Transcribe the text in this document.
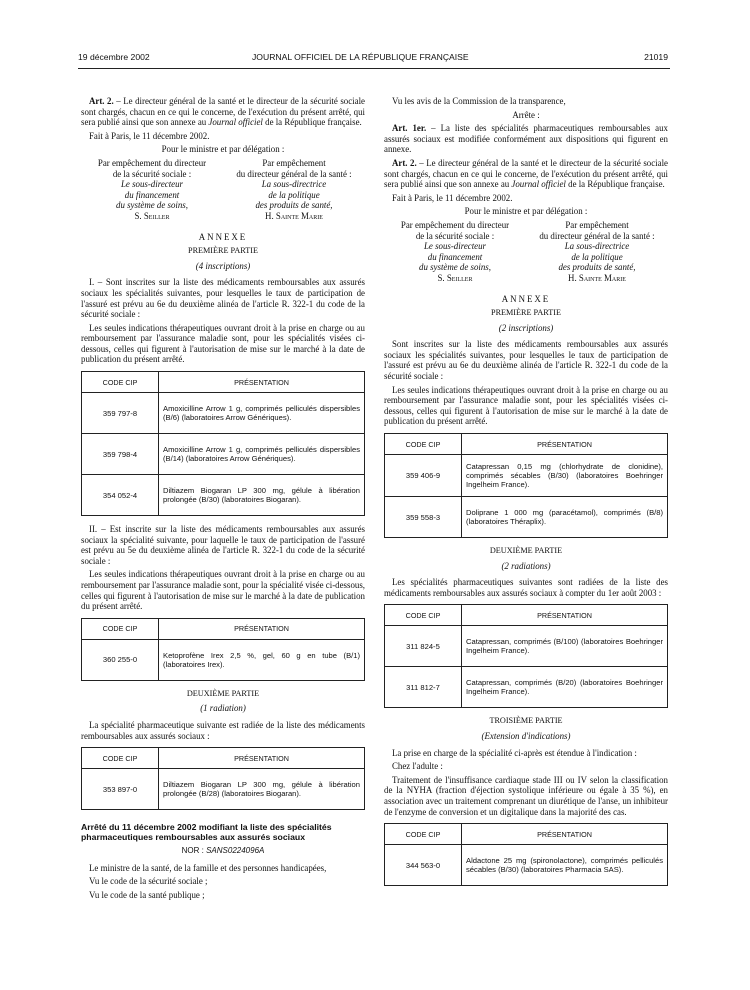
19 décembre 2002	JOURNAL OFFICIEL DE LA RÉPUBLIQUE FRANÇAISE	21019

Art. 2. – Le directeur général de la santé et le directeur de la sécurité sociale sont chargés, chacun en ce qui le concerne, de l'exécution du présent arrêté, qui sera publié ainsi que son annexe au Journal officiel de la République française.

Fait à Paris, le 11 décembre 2002.

Pour le ministre et par délégation :

Par empêchement du directeur
de la sécurité sociale :
Le sous-directeur
du financement
du système de soins,
S. Seiller
Par empêchement
du directeur général de la santé :
La sous-directrice
de la politique
des produits de santé,
H. Sainte Marie
ANNEXE
PREMIÈRE PARTIE
(4 inscriptions)

I. – Sont inscrites sur la liste des médicaments remboursables aux assurés sociaux les spécialités suivantes, pour lesquelles le taux de participation de l'assuré est prévu au 6e du deuxième alinéa de l'article R. 322-1 du code de la sécurité sociale :

Les seules indications thérapeutiques ouvrant droit à la prise en charge ou au remboursement par l'assurance maladie sont, pour les spécialités visées ci-dessous, celles qui figurent à l'autorisation de mise sur le marché à la date de publication du présent arrêté.

CODE CIP	PRÉSENTATION
359 797-8	Amoxicilline Arrow 1 g, comprimés pelliculés dispersibles (B/6) (laboratoires Arrow Génériques).
359 798-4	Amoxicilline Arrow 1 g, comprimés pelliculés dispersibles (B/14) (laboratoires Arrow Génériques).
354 052-4	Diltiazem Biogaran LP 300 mg, gélule à libération prolongée (B/30) (laboratoires Biogaran).

II. – Est inscrite sur la liste des médicaments remboursables aux assurés sociaux la spécialité suivante, pour laquelle le taux de participation de l'assuré est prévu au 5e du deuxième alinéa de l'article R. 322-1 du code de la sécurité sociale :

Les seules indications thérapeutiques ouvrant droit à la prise en charge ou au remboursement par l'assurance maladie sont, pour la spécialité visée ci-dessous, celles qui figurent à l'autorisation de mise sur le marché à la date de publication du présent arrêté.

CODE CIP	PRÉSENTATION
360 255-0	Ketoprofène Irex 2,5 %, gel, 60 g en tube (B/1) (laboratoires Irex).
DEUXIÈME PARTIE
(1 radiation)

La spécialité pharmaceutique suivante est radiée de la liste des médicaments remboursables aux assurés sociaux :

CODE CIP	PRÉSENTATION
353 897-0	Diltiazem Biogaran LP 300 mg, gélule à libération prolongée (B/28) (laboratoires Biogaran).

Arrêté du 11 décembre 2002 modifiant la liste des spécialités pharmaceutiques remboursables aux assurés sociaux

NOR : SANS0224096A

Le ministre de la santé, de la famille et des personnes handicapées,

Vu le code de la sécurité sociale ;

Vu le code de la santé publique ;

Vu les avis de la Commission de la transparence,

Arrête :

Art. 1er. – La liste des spécialités pharmaceutiques remboursables aux assurés sociaux est modifiée conformément aux dispositions qui figurent en annexe.

Art. 2. – Le directeur général de la santé et le directeur de la sécurité sociale sont chargés, chacun en ce qui le concerne, de l'exécution du présent arrêté, qui sera publié ainsi que son annexe au Journal officiel de la République française.

Fait à Paris, le 11 décembre 2002.

Pour le ministre et par délégation :

Par empêchement du directeur
de la sécurité sociale :
Le sous-directeur
du financement
du système de soins,
S. Seiller
Par empêchement
du directeur général de la santé :
La sous-directrice
de la politique
des produits de santé,
H. Sainte Marie
ANNEXE
PREMIÈRE PARTIE
(2 inscriptions)

Sont inscrites sur la liste des médicaments remboursables aux assurés sociaux les spécialités suivantes, pour lesquelles le taux de participation de l'assuré est prévu au 6e du deuxième alinéa de l'article R. 322-1 du code de la sécurité sociale :

Les seules indications thérapeutiques ouvrant droit à la prise en charge ou au remboursement par l'assurance maladie sont, pour les spécialités visées ci-dessous, celles qui figurent à l'autorisation de mise sur le marché à la date de publication du présent arrêté.

CODE CIP	PRÉSENTATION
359 406-9	Catapressan 0,15 mg (chlorhydrate de clonidine), comprimés sécables (B/30) (laboratoires Boehringer Ingelheim France).
359 558-3	Doliprane 1 000 mg (paracétamol), comprimés (B/8) (laboratoires Théraplix).
DEUXIÈME PARTIE
(2 radiations)

Les spécialités pharmaceutiques suivantes sont radiées de la liste des médicaments remboursables aux assurés sociaux à compter du 1er août 2003 :

CODE CIP	PRÉSENTATION
311 824-5	Catapressan, comprimés (B/100) (laboratoires Boehringer Ingelheim France).
311 812-7	Catapressan, comprimés (B/20) (laboratoires Boehringer Ingelheim France).
TROISIÈME PARTIE
(Extension d'indications)

La prise en charge de la spécialité ci-après est étendue à l'indication :

Chez l'adulte :

Traitement de l'insuffisance cardiaque stade III ou IV selon la classification de la NYHA (fraction d'éjection systolique inférieure ou égale à 35 %), en association avec un traitement comprenant un diurétique de l'anse, un inhibiteur de l'enzyme de conversion et un digitalique dans la majorité des cas.

CODE CIP	PRÉSENTATION
344 563-0	Aldactone 25 mg (spironolactone), comprimés pelliculés sécables (B/30) (laboratoires Pharmacia SAS).
